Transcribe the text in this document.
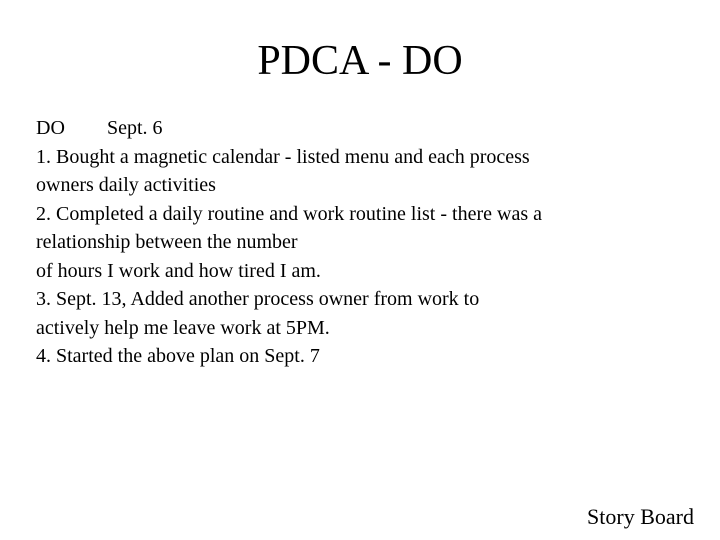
PDCA - DO
DO Sept. 6
1. Bought a magnetic calendar - listed menu and each process
owners daily activities
2. Completed a daily routine and work routine list - there was a
relationship between the number
of hours I work and how tired I am.
3. Sept. 13, Added another process owner from work to
actively help me leave work at 5PM.
4. Started the above plan on Sept. 7
Story Board
